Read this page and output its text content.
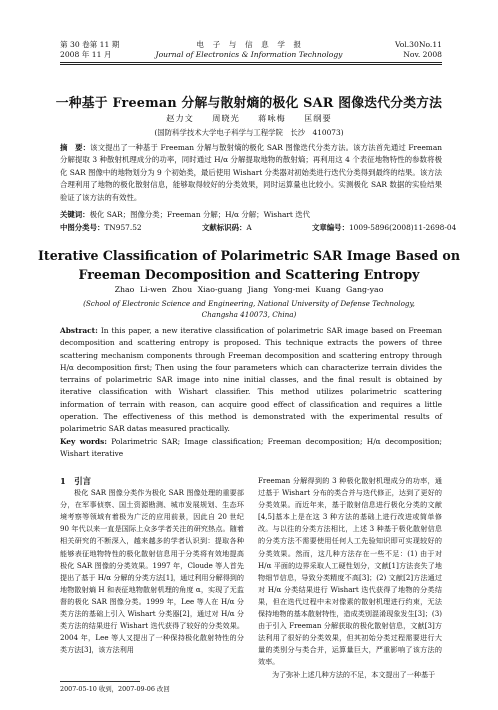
第 30 卷第 11 期
2008 年 11 月
电　子　与　信　息　学　报
Journal of Electronics & Information Technology
Vol.30No.11
Nov. 2008
一种基于 Freeman 分解与散射熵的极化 SAR 图像迭代分类方法
赵力文　　周晓光　　蒋咏梅　　匡纲要
(国防科学技术大学电子科学与工程学院　长沙　410073)
摘　要：该文提出了一种基于 Freeman 分解与散射熵的极化 SAR 图像迭代分类方法。该方法首先通过 Freeman 分解提取 3 种散射机理成分的功率，同时通过 H/α 分解提取地物的散射熵；再利用这 4 个表征地物特性的参数将极化 SAR 图像中的地物划分为 9 个初始类，最后使用 Wishart 分类器对初始类进行迭代分类得到最终的结果。该方法合理利用了地物的极化散射信息，能够取得较好的分类效果，同时运算量也比较小。实测极化 SAR 数据的实验结果验证了该方法的有效性。
关键词：极化 SAR；图像分类；Freeman 分解；H/α 分解；Wishart 迭代
中图分类号：TN957.52	文献标识码：A	文章编号：1009-5896(2008)11-2698-04
Iterative Classification of Polarimetric SAR Image Based on
Freeman Decomposition and Scattering Entropy
Zhao Li-wen Zhou Xiao-guang Jiang Yong-mei Kuang Gang-yao
(School of Electronic Science and Engineering, National University of Defense Technology,
Changsha 410073, China)
Abstract: In this paper, a new iterative classification of polarimetric SAR image based on Freeman decomposition and scattering entropy is proposed. This technique extracts the powers of three scattering mechanism components through Freeman decomposition and scattering entropy through H/α decomposition first; Then using the four parameters which can characterize terrain divides the terrains of polarimetric SAR image into nine initial classes, and the final result is obtained by iterative classification with Wishart classifier. This method utilizes polarimetric scattering information of terrain with reason, can acquire good effect of classification and requires a little operation. The effectiveness of this method is demonstrated with the experimental results of polarimetric SAR datas measured practically.
Key words: Polarimetric SAR; Image classification; Freeman decomposition; H/α decomposition; Wishart iterative

1　引言

极化 SAR 图像分类作为极化 SAR 图像处理的重要部分，在军事侦察、国土资源勘测、城市发展规划、生态环境考察等领域有着极为广泛的应用前景，因此自 20 世纪 90 年代以来一直是国际上众多学者关注的研究热点。随着相关研究的不断深入，越来越多的学者认识到：提取各种能够表征地物特性的极化散射信息用于分类将有效地提高极化 SAR 图像的分类效果。1997 年，Cloude 等人首先提出了基于 H/α 分解的分类方法[1]，通过利用分解得到的地物散射熵 H 和表征地物散射机理的角度 α，实现了无监督的极化 SAR 图像分类。1999 年，Lee 等人在 H/α 分类方法的基础上引入 Wishart 分类器[2]，通过对 H/α 分类方法的结果进行 Wishart 迭代获得了较好的分类效果。2004 年，Lee 等人又提出了一种保持极化散射特性的分类方法[3]，该方法利用

Freeman 分解得到的 3 种极化散射机理成分的功率，通过基于 Wishart 分布的类合并与迭代修正，达到了更好的分类效果。而近年来，基于散射信息进行极化分类的文献[4,5]基本上是在这 3 种方法的基础上进行改进或简单修改。与以往的分类方法相比，上述 3 种基于极化散射信息的分类方法不需要使用任何人工先验知识即可实现较好的分类效果。然而，这几种方法存在一些不足：(1) 由于对 H/α 平面的边界采取人工硬性划分，文献[1]方法丧失了地物细节信息，导致分类精度不高[3]；(2) 文献[2]方法通过对 H/α 分类结果进行 Wishart 迭代获得了地物的分类结果，但在迭代过程中未对像素的散射机理进行约束，无法保持地物的基本散射特性，造成类别混淆现象发生[3]；(3) 由于引入 Freeman 分解获取的极化散射信息，文献[3]方法利用了很好的分类效果，但其初始分类过程需要进行大量的类别分与类合并，运算量巨大，严重影响了该方法的效率。

为了弥补上述几种方法的不足，本文提出了一种基于

2007-05-10 收到，2007-09-06 改回
